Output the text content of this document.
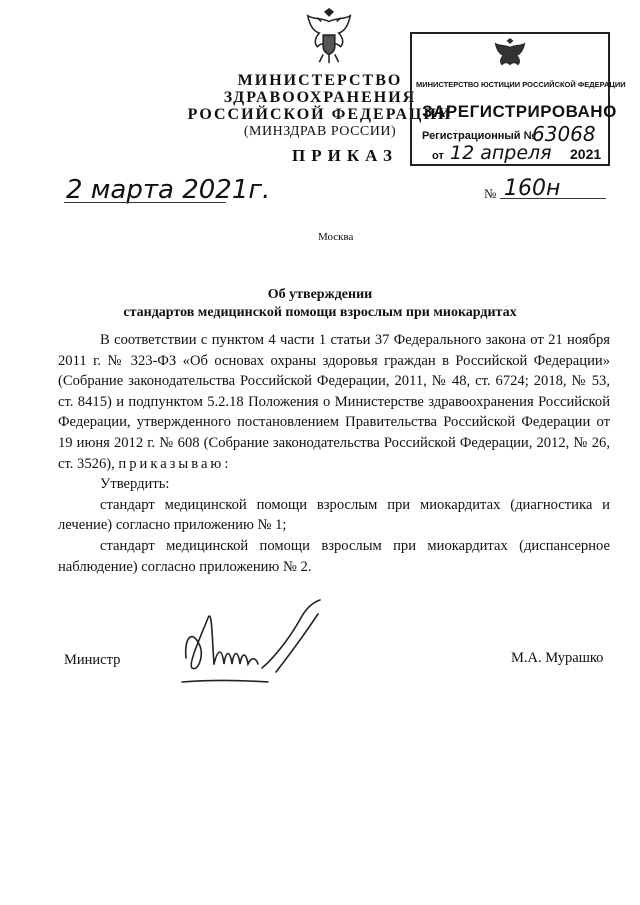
МИНИСТЕРСТВО ЗДРАВООХРАНЕНИЯ
РОССИЙСКОЙ ФЕДЕРАЦИИ
(МИНЗДРАВ РОССИИ)
ПРИКАЗ
МИНИСТЕРСТВО ЮСТИЦИИ РОССИЙСКОЙ ФЕДЕРАЦИИ
ЗАРЕГИСТРИРОВАНО
Регистрационный №
63068
от 12 апреля 2021
2 марта 2021г.	№ 160н
Москва
Об утверждении
стандартов медицинской помощи взрослым при миокардитах

В соответствии с пунктом 4 части 1 статьи 37 Федерального закона от 21 ноября 2011 г. № 323-ФЗ «Об основах охраны здоровья граждан в Российской Федерации» (Собрание законодательства Российской Федерации, 2011, № 48, ст. 6724; 2018, № 53, ст. 8415) и подпунктом 5.2.18 Положения о Министерстве здравоохранения Российской Федерации, утвержденного постановлением Правительства Российской Федерации от 19 июня 2012 г. № 608 (Собрание законодательства Российской Федерации, 2012, № 26, ст. 3526), приказываю:

Утвердить:

стандарт медицинской помощи взрослым при миокардитах (диагностика и лечение) согласно приложению № 1;

стандарт медицинской помощи взрослым при миокардитах (диспансерное наблюдение) согласно приложению № 2.

Министр	М.А. Мурашко
